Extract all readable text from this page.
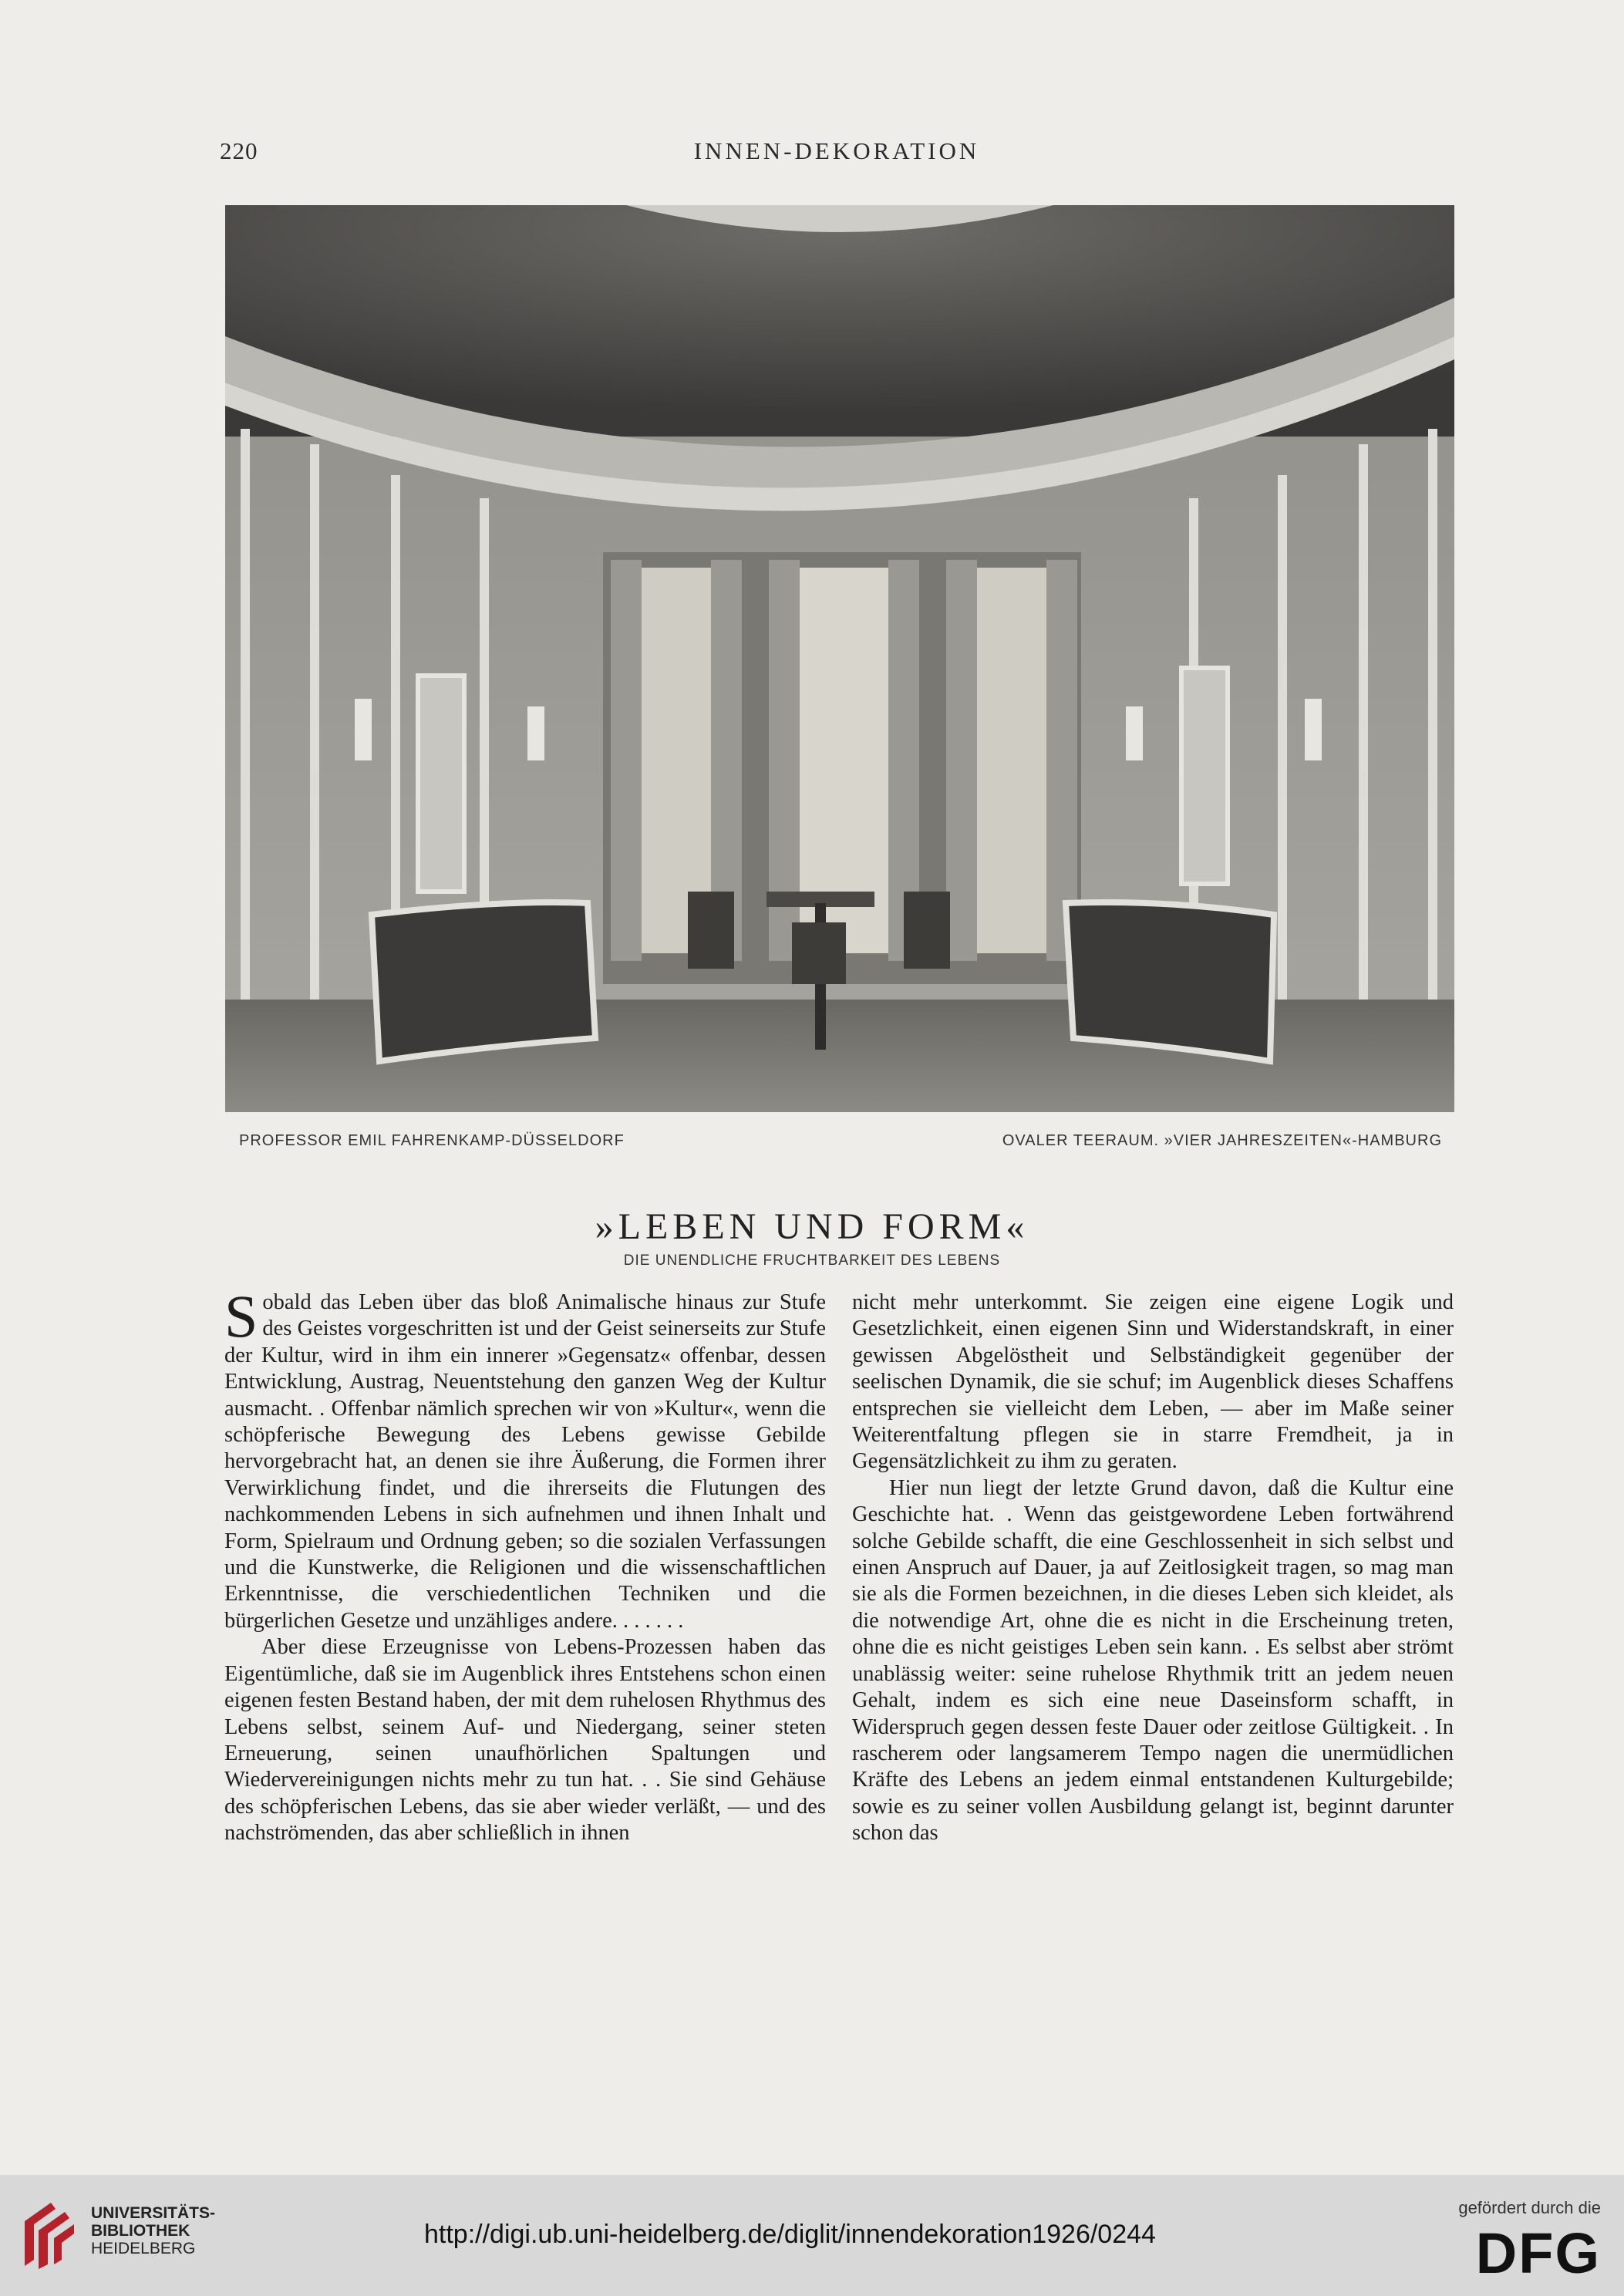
220	INNEN-DEKORATION
PROFESSOR EMIL FAHRENKAMP-DÜSSELDORF	OVALER TEERAUM. »VIER JAHRESZEITEN«-HAMBURG
»LEBEN UND FORM«
DIE UNENDLICHE FRUCHTBARKEIT DES LEBENS

Sobald das Leben über das bloß Animalische hinaus zur Stufe des Geistes vorgeschritten ist und der Geist seinerseits zur Stufe der Kultur, wird in ihm ein innerer »Gegensatz« offenbar, dessen Entwicklung, Austrag, Neuentstehung den ganzen Weg der Kultur ausmacht. . Offenbar nämlich sprechen wir von »Kultur«, wenn die schöpferische Bewegung des Lebens gewisse Gebilde hervorgebracht hat, an denen sie ihre Äußerung, die Formen ihrer Verwirklichung findet, und die ihrerseits die Flutungen des nachkommenden Lebens in sich aufnehmen und ihnen Inhalt und Form, Spielraum und Ordnung geben; so die sozialen Verfassungen und die Kunstwerke, die Religionen und die wissenschaftlichen Erkenntnisse, die verschiedentlichen Techniken und die bürgerlichen Gesetze und unzähliges andere. . . . . . .

Aber diese Erzeugnisse von Lebens-Prozessen haben das Eigentümliche, daß sie im Augenblick ihres Entstehens schon einen eigenen festen Bestand haben, der mit dem ruhelosen Rhythmus des Lebens selbst, seinem Auf- und Niedergang, seiner steten Erneuerung, seinen unaufhörlichen Spaltungen und Wiedervereinigungen nichts mehr zu tun hat. . . Sie sind Gehäuse des schöpferischen Lebens, das sie aber wieder verläßt, — und des nachströmenden, das aber schließlich in ihnen

nicht mehr unterkommt. Sie zeigen eine eigene Logik und Gesetzlichkeit, einen eigenen Sinn und Widerstandskraft, in einer gewissen Abgelöstheit und Selbständigkeit gegenüber der seelischen Dynamik, die sie schuf; im Augenblick dieses Schaffens entsprechen sie vielleicht dem Leben, — aber im Maße seiner Weiterentfaltung pflegen sie in starre Fremdheit, ja in Gegensätzlichkeit zu ihm zu geraten.

Hier nun liegt der letzte Grund davon, daß die Kultur eine Geschichte hat. . Wenn das geistgewordene Leben fortwährend solche Gebilde schafft, die eine Geschlossenheit in sich selbst und einen Anspruch auf Dauer, ja auf Zeitlosigkeit tragen, so mag man sie als die Formen bezeichnen, in die dieses Leben sich kleidet, als die notwendige Art, ohne die es nicht in die Erscheinung treten, ohne die es nicht geistiges Leben sein kann. . Es selbst aber strömt unablässig weiter: seine ruhelose Rhythmik tritt an jedem neuen Gehalt, indem es sich eine neue Daseinsform schafft, in Widerspruch gegen dessen feste Dauer oder zeitlose Gültigkeit. . In rascherem oder langsamerem Tempo nagen die unermüdlichen Kräfte des Lebens an jedem einmal entstandenen Kulturgebilde; sowie es zu seiner vollen Ausbildung gelangt ist, beginnt darunter schon das

UNIVERSITÄTS-
BIBLIOTHEK
HEIDELBERG	http://digi.ub.uni-heidelberg.de/diglit/innendekoration1926/0244
gefördert durch die
DFG
